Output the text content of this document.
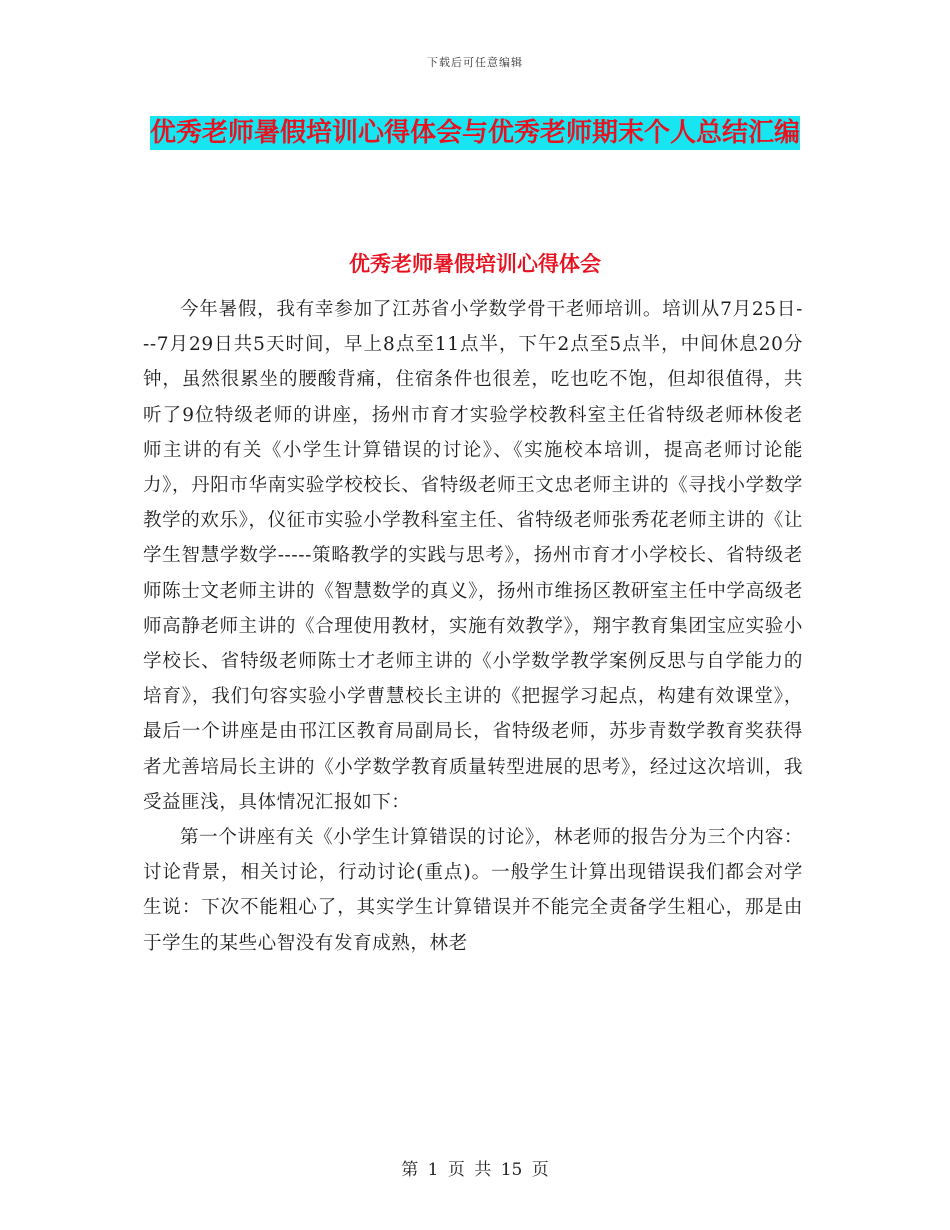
下载后可任意编辑
优秀老师暑假培训心得体会与优秀老师期末个人总结汇编
优秀老师暑假培训心得体会

今年暑假，我有幸参加了江苏省小学数学骨干老师培训。培训从7月25日---7月29日共5天时间，早上8点至11点半，下午2点至5点半，中间休息20分钟，虽然很累坐的腰酸背痛，住宿条件也很差，吃也吃不饱，但却很值得，共听了9位特级老师的讲座，扬州市育才实验学校教科室主任省特级老师林俊老师主讲的有关《小学生计算错误的讨论》、《实施校本培训，提高老师讨论能力》，丹阳市华南实验学校校长、省特级老师王文忠老师主讲的《寻找小学数学教学的欢乐》，仪征市实验小学教科室主任、省特级老师张秀花老师主讲的《让学生智慧学数学-----策略教学的实践与思考》，扬州市育才小学校长、省特级老师陈士文老师主讲的《智慧数学的真义》，扬州市维扬区教研室主任中学高级老师高静老师主讲的《合理使用教材，实施有效教学》，翔宇教育集团宝应实验小学校长、省特级老师陈士才老师主讲的《小学数学教学案例反思与自学能力的培育》，我们句容实验小学曹慧校长主讲的《把握学习起点，构建有效课堂》，最后一个讲座是由邗江区教育局副局长，省特级老师，苏步青数学教育奖获得者尤善培局长主讲的《小学数学教育质量转型进展的思考》，经过这次培训，我受益匪浅，具体情况汇报如下：

第一个讲座有关《小学生计算错误的讨论》，林老师的报告分为三个内容：讨论背景，相关讨论，行动讨论(重点)。一般学生计算出现错误我们都会对学生说：下次不能粗心了，其实学生计算错误并不能完全责备学生粗心，那是由于学生的某些心智没有发育成熟，林老

第 1 页 共 15 页
